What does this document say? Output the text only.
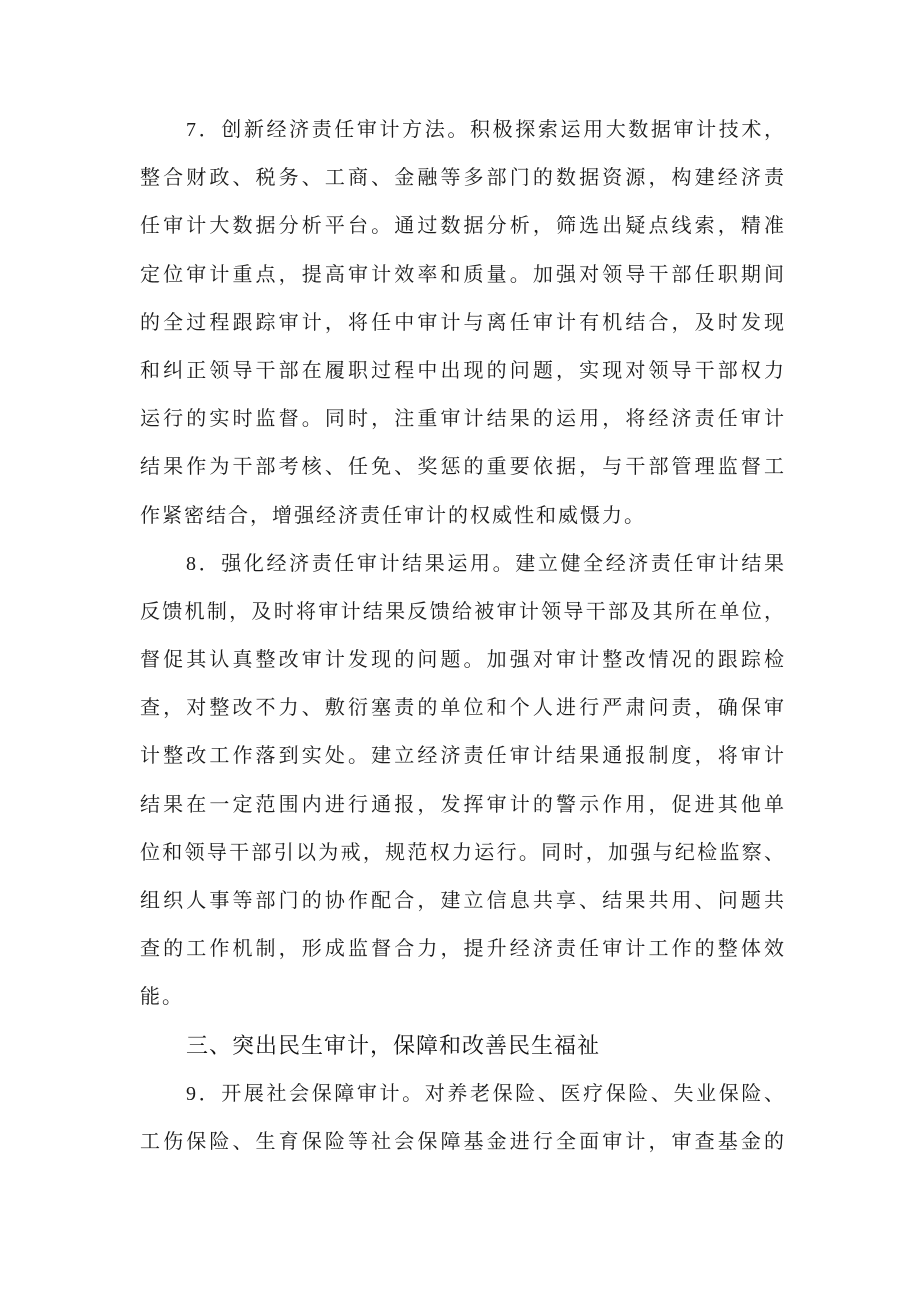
7．创新经济责任审计方法。积极探索运用大数据审计技术，
整合财政、税务、工商、金融等多部门的数据资源，构建经济责
任审计大数据分析平台。通过数据分析，筛选出疑点线索，精准
定位审计重点，提高审计效率和质量。加强对领导干部任职期间
的全过程跟踪审计，将任中审计与离任审计有机结合，及时发现
和纠正领导干部在履职过程中出现的问题，实现对领导干部权力
运行的实时监督。同时，注重审计结果的运用，将经济责任审计
结果作为干部考核、任免、奖惩的重要依据，与干部管理监督工
作紧密结合，增强经济责任审计的权威性和威慑力。
8．强化经济责任审计结果运用。建立健全经济责任审计结果
反馈机制，及时将审计结果反馈给被审计领导干部及其所在单位，
督促其认真整改审计发现的问题。加强对审计整改情况的跟踪检
查，对整改不力、敷衍塞责的单位和个人进行严肃问责，确保审
计整改工作落到实处。建立经济责任审计结果通报制度，将审计
结果在一定范围内进行通报，发挥审计的警示作用，促进其他单
位和领导干部引以为戒，规范权力运行。同时，加强与纪检监察、
组织人事等部门的协作配合，建立信息共享、结果共用、问题共
查的工作机制，形成监督合力，提升经济责任审计工作的整体效
能。
三、突出民生审计，保障和改善民生福祉
9．开展社会保障审计。对养老保险、医疗保险、失业保险、
工伤保险、生育保险等社会保障基金进行全面审计，审查基金的
